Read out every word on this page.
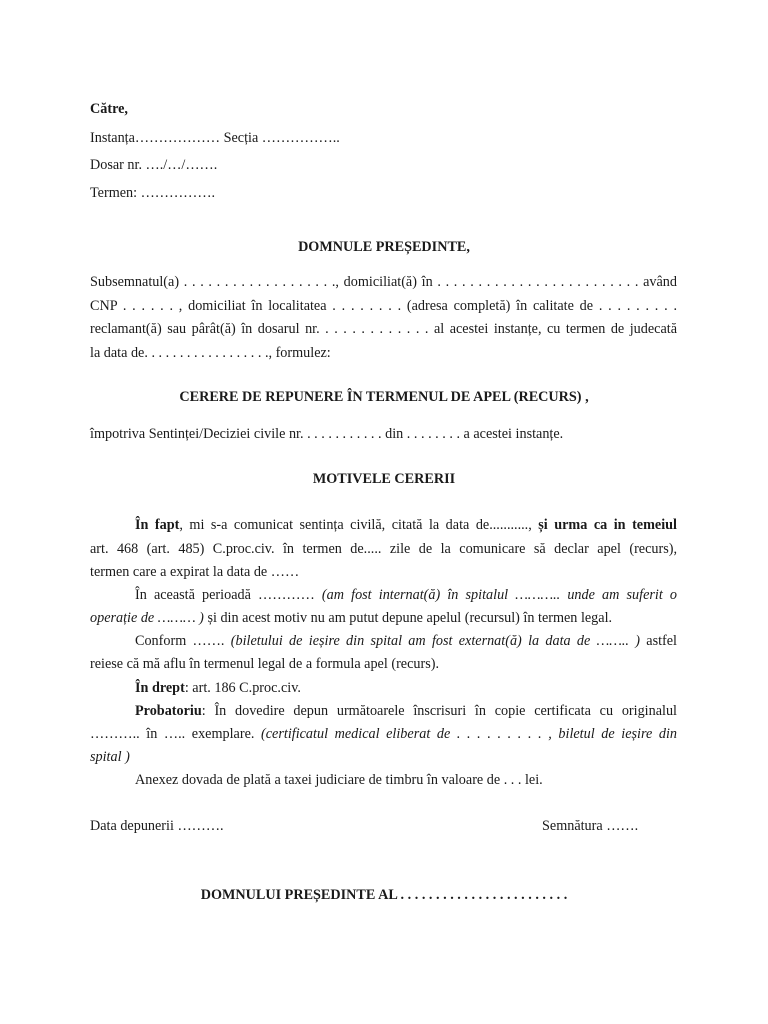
Către,
Instanța……………… Secția ……………..
Dosar nr. …./…/…….
Termen: …………….
DOMNULE PREȘEDINTE,
Subsemnatul(a) . . . . . . . . . . . . . . . . . . ., domiciliat(ă) în . . . . . . . . . . . . . . . . . . . . . . . . . având
CNP . . . . . . , domiciliat în localitatea . . . . . . . . (adresa completă) în calitate de . . . . . . . . .
reclamant(ă) sau pârât(ă) în dosarul nr. . . . . . . . . . . . . al acestei instanțe, cu termen de judecată
la data de. . . . . . . . . . . . . . . . . ., formulez:
CERERE DE REPUNERE ÎN TERMENUL DE APEL (RECURS) ,
împotriva Sentinței/Deciziei civile nr. . . . . . . . . . . . din . . . . . . . . a acestei instanțe.
MOTIVELE CERERII
În fapt, mi s-a comunicat sentința civilă, citată la data de..........., și urma ca in temeiul
art. 468 (art. 485) C.proc.civ. în termen de..... zile de la comunicare să declar apel (recurs),
termen care a expirat la data de ……
În această perioadă ………… (am fost internat(ă) în spitalul ……….. unde am suferit o
operație de ……… ) și din acest motiv nu am putut depune apelul (recursul) în termen legal.
Conform ……. (biletului de ieșire din spital am fost externat(ă) la data de …….. ) astfel
reiese că mă aflu în termenul legal de a formula apel (recurs).
În drept: art. 186 C.proc.civ.
Probatoriu: În dovedire depun următoarele înscrisuri în copie certificata cu originalul
……….. în ….. exemplare. (certificatul medical eliberat de . . . . . . . . . , biletul de ieșire din
spital )
Anexez dovada de plată a taxei judiciare de timbru în valoare de . . . lei.
Data depunerii ……….	Semnătura …….
DOMNULUI PREȘEDINTE AL . . . . . . . . . . . . . . . . . . . . . . . .
